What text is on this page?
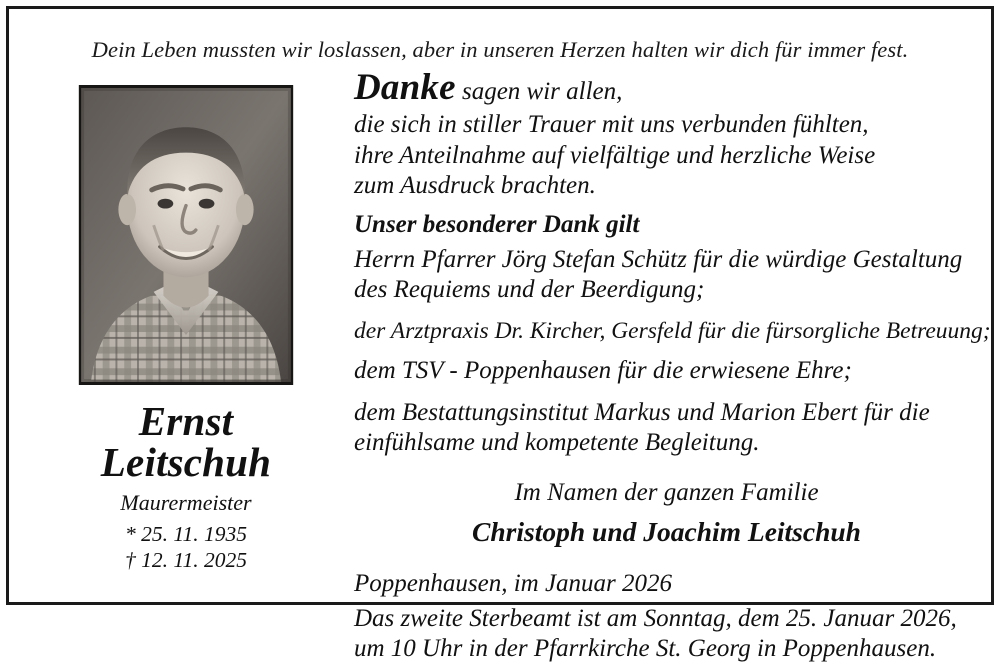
Dein Leben mussten wir loslassen, aber in unseren Herzen halten wir dich für immer fest.
Ernst
Leitschuh
Maurermeister
* 25. 11. 1935
† 12. 11. 2025
Danke sagen wir allen,
die sich in stiller Trauer mit uns verbunden fühlten,
ihre Anteilnahme auf vielfältige und herzliche Weise
zum Ausdruck brachten.
Unser besonderer Dank gilt
Herrn Pfarrer Jörg Stefan Schütz für die würdige Gestaltung
des Requiems und der Beerdigung;
der Arztpraxis Dr. Kircher, Gersfeld für die fürsorgliche Betreuung;
dem TSV - Poppenhausen für die erwiesene Ehre;
dem Bestattungsinstitut Markus und Marion Ebert für die
einfühlsame und kompetente Begleitung.
Im Namen der ganzen Familie
Christoph und Joachim Leitschuh
Poppenhausen, im Januar 2026
Das zweite Sterbeamt ist am Sonntag, dem 25. Januar 2026,
um 10 Uhr in der Pfarrkirche St. Georg in Poppenhausen.
